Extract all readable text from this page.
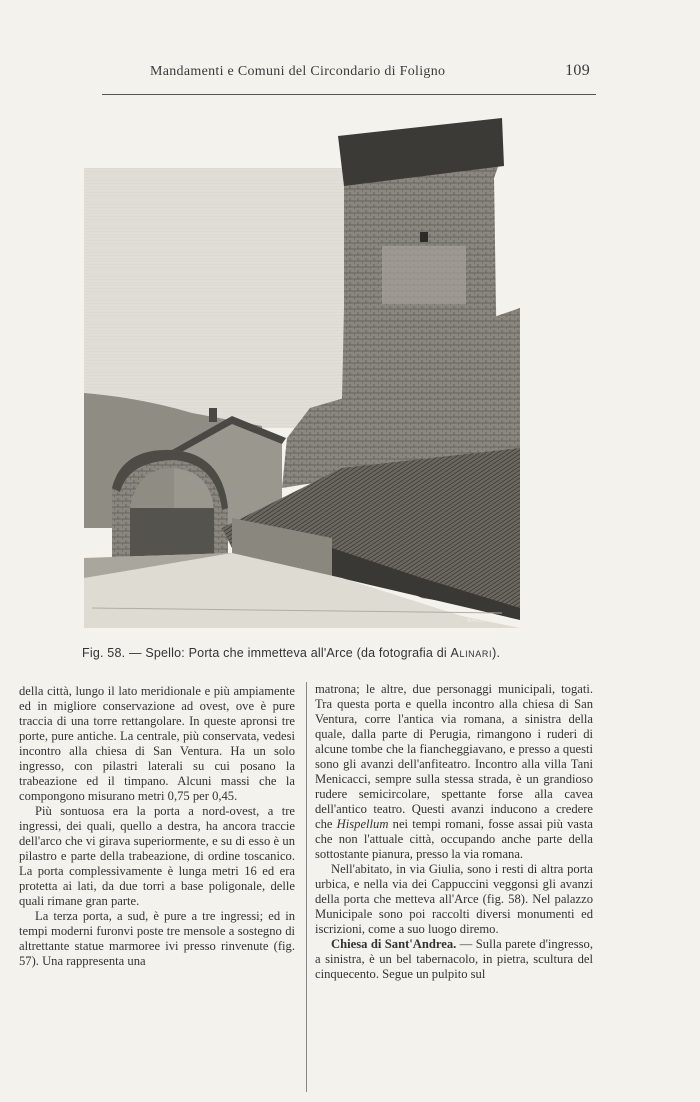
Mandamenti e Comuni del Circondario di Foligno	109
BAZZI
Fig. 58. — Spello: Porta che immetteva all'Arce (da fotografia di Alinari).

della città, lungo il lato meridionale e più ampiamente ed in migliore conservazione ad ovest, ove è pure traccia di una torre rettangolare. In queste apronsi tre porte, pure antiche. La centrale, più conservata, vedesi incontro alla chiesa di San Ventura. Ha un solo ingresso, con pilastri laterali su cui posano la trabeazione ed il timpano. Alcuni massi che la compongono misurano metri 0,75 per 0,45.

Più sontuosa era la porta a nord-ovest, a tre ingressi, dei quali, quello a destra, ha ancora traccie dell'arco che vi girava superiormente, e su di esso è un pilastro e parte della trabeazione, di ordine toscanico. La porta complessivamente è lunga metri 16 ed era protetta ai lati, da due torri a base poligonale, delle quali rimane gran parte.

La terza porta, a sud, è pure a tre ingressi; ed in tempi moderni furonvi poste tre mensole a sostegno di altrettante statue marmoree ivi presso rinvenute (fig. 57). Una rappresenta una

matrona; le altre, due personaggi municipali, togati. Tra questa porta e quella incontro alla chiesa di San Ventura, corre l'antica via romana, a sinistra della quale, dalla parte di Perugia, rimangono i ruderi di alcune tombe che la fiancheggiavano, e presso a questi sono gli avanzi dell'anfiteatro. Incontro alla villa Tani Menicacci, sempre sulla stessa strada, è un grandioso rudere semicircolare, spettante forse alla cavea dell'antico teatro. Questi avanzi inducono a credere che Hispellum nei tempi romani, fosse assai più vasta che non l'attuale città, occupando anche parte della sottostante pianura, presso la via romana.

Nell'abitato, in via Giulia, sono i resti di altra porta urbica, e nella via dei Cappuccini veggonsi gli avanzi della porta che metteva all'Arce (fig. 58). Nel palazzo Municipale sono poi raccolti diversi monumenti ed iscrizioni, come a suo luogo diremo.

Chiesa di Sant'Andrea. — Sulla parete d'ingresso, a sinistra, è un bel tabernacolo, in pietra, scultura del cinquecento. Segue un pulpito sul
